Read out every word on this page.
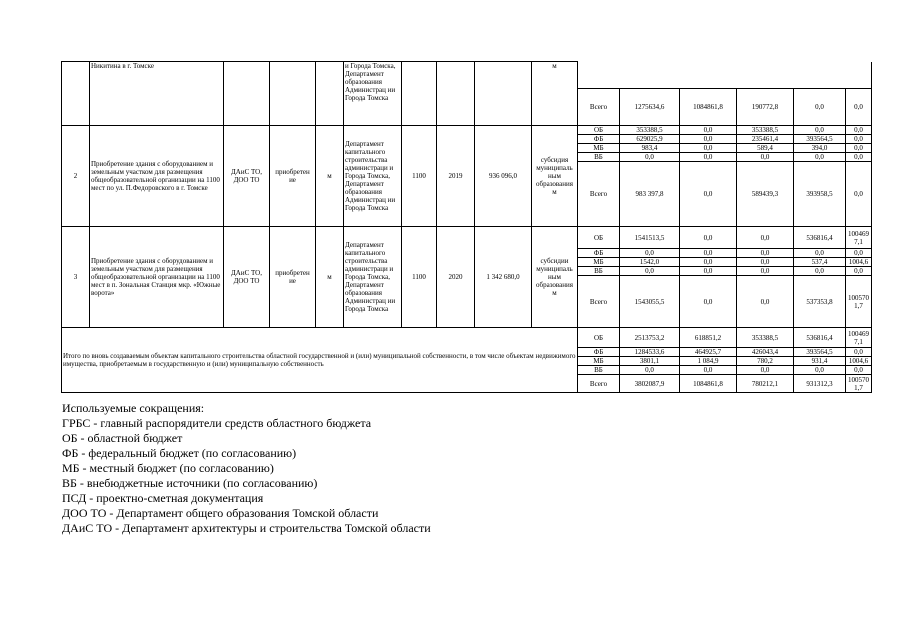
	Никитина в г. Томске				и Города Томска, Департамент образования Администрац ии Города Томска				м						
										Всего	1275634,6	1084861,8	190772,8	0,0	0,0
2	Приобретение здания с оборудованием и земельным участком для размещения общеобразовательной организации на 1100 мест по ул. П.Федоровского в г. Томске	ДАиС ТО, ДОО ТО	приобретен ие	м	Департамент капитального строительства администраци и Города Томска, Департамент образования Администрац ии Города Томска	1100	2019	936 096,0	субсидия муниципаль ным образования м	ОБ	353388,5	0,0	353388,5	0,0	0,0
										ФБ	629025,9	0,0	235461,4	393564,5	0,0
										МБ	983,4	0,0	589,4	394,0	0,0
										ВБ	0,0	0,0	0,0	0,0	0,0
										Всего	983 397,8	0,0	589439,3	393958,5	0,0
3	Приобретение здания с оборудованием и земельным участком для размещения общеобразовательной организации на 1100 мест в п. Зональная Станция мкр. «Южные ворота»	ДАиС ТО, ДОО ТО	приобретен ие	м	Департамент капитального строительства администраци и Города Томска, Департамент образования Администрац ии Города Томска	1100	2020	1 342 680,0	субсидии муниципаль ным образования м	ОБ	1541513,5	0,0	0,0	536816,4	1004697,1
										ФБ	0,0	0,0	0,0	0,0	0,0
										МБ	1542,0	0,0	0,0	537,4	1004,6
										ВБ	0,0	0,0	0,0	0,0	0,0
										Всего	1543055,5	0,0	0,0	537353,8	1005701,7
Итого по вновь создаваемым объектам капитального строительства областной государственной и (или) муниципальной собственности, в том числе объектам недвижимого имущества, приобретаемым в государственную и (или) муниципальную собственность										ОБ	2513753,2	618851,2	353388,5	536816,4	1004697,1
										ФБ	1284533,6	464925,7	426043,4	393564,5	0,0
										МБ	3801,1	1 084,9	780,2	931,4	1004,6
										ВБ	0,0	0,0	0,0	0,0	0,0
										Всего	3802087,9	1084861,8	780212,1	931312,3	1005701,7
Используемые сокращения:
ГРБС - главный распорядители средств областного бюджета
ОБ - областной бюджет
ФБ - федеральный бюджет (по согласованию)
МБ - местный бюджет (по согласованию)
ВБ - внебюджетные источники (по согласованию)
ПСД - проектно-сметная документация
ДОО ТО - Департамент общего образования Томской области
ДАиС ТО - Департамент архитектуры и строительства Томской области
